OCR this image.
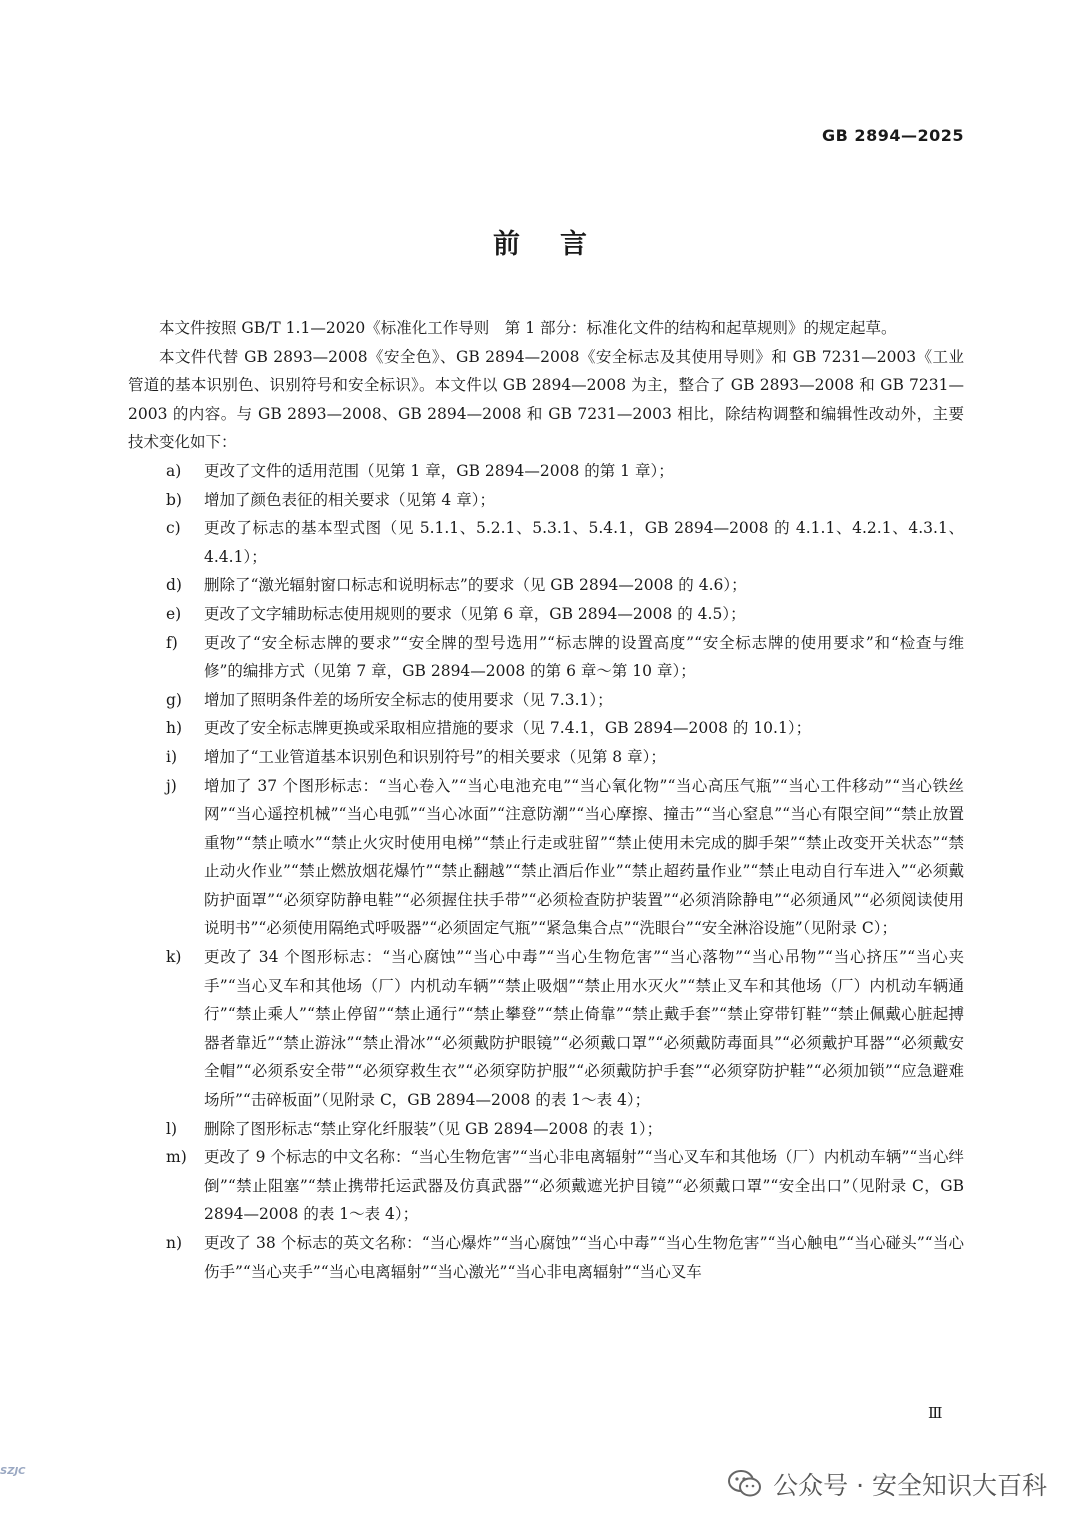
GB 2894—2025
前言

本文件按照 GB/T 1.1—2020《标准化工作导则　第 1 部分：标准化文件的结构和起草规则》的规定起草。

本文件代替 GB 2893—2008《安全色》、GB 2894—2008《安全标志及其使用导则》和 GB 7231—2003《工业管道的基本识别色、识别符号和安全标识》。本文件以 GB 2894—2008 为主，整合了 GB 2893—2008 和 GB 7231—2003 的内容。与 GB 2893—2008、GB 2894—2008 和 GB 7231—2003 相比，除结构调整和编辑性改动外，主要技术变化如下：

a)	更改了文件的适用范围（见第 1 章，GB 2894—2008 的第 1 章）；
b)	增加了颜色表征的相关要求（见第 4 章）；
c)	更改了标志的基本型式图（见 5.1.1、5.2.1、5.3.1、5.4.1，GB 2894—2008 的 4.1.1、4.2.1、4.3.1、4.4.1）；
d)	删除了“激光辐射窗口标志和说明标志”的要求（见 GB 2894—2008 的 4.6）；
e)	更改了文字辅助标志使用规则的要求（见第 6 章，GB 2894—2008 的 4.5）；
f)	更改了“安全标志牌的要求”“安全牌的型号选用”“标志牌的设置高度”“安全标志牌的使用要求”和“检查与维修”的编排方式（见第 7 章，GB 2894—2008 的第 6 章～第 10 章）；
g)	增加了照明条件差的场所安全标志的使用要求（见 7.3.1）；
h)	更改了安全标志牌更换或采取相应措施的要求（见 7.4.1，GB 2894—2008 的 10.1）；
i)	增加了“工业管道基本识别色和识别符号”的相关要求（见第 8 章）；
j)	增加了 37 个图形标志：“当心卷入”“当心电池充电”“当心氧化物”“当心高压气瓶”“当心工件移动”“当心铁丝网”“当心遥控机械”“当心电弧”“当心冰面”“注意防潮”“当心摩擦、撞击”“当心窒息”“当心有限空间”“禁止放置重物”“禁止喷水”“禁止火灾时使用电梯”“禁止行走或驻留”“禁止使用未完成的脚手架”“禁止改变开关状态”“禁止动火作业”“禁止燃放烟花爆竹”“禁止翻越”“禁止酒后作业”“禁止超药量作业”“禁止电动自行车进入”“必须戴防护面罩”“必须穿防静电鞋”“必须握住扶手带”“必须检查防护装置”“必须消除静电”“必须通风”“必须阅读使用说明书”“必须使用隔绝式呼吸器”“必须固定气瓶”“紧急集合点”“洗眼台”“安全淋浴设施”（见附录 C）；
k)	更改了 34 个图形标志：“当心腐蚀”“当心中毒”“当心生物危害”“当心落物”“当心吊物”“当心挤压”“当心夹手”“当心叉车和其他场（厂）内机动车辆”“禁止吸烟”“禁止用水灭火”“禁止叉车和其他场（厂）内机动车辆通行”“禁止乘人”“禁止停留”“禁止通行”“禁止攀登”“禁止倚靠”“禁止戴手套”“禁止穿带钉鞋”“禁止佩戴心脏起搏器者靠近”“禁止游泳”“禁止滑冰”“必须戴防护眼镜”“必须戴口罩”“必须戴防毒面具”“必须戴护耳器”“必须戴安全帽”“必须系安全带”“必须穿救生衣”“必须穿防护服”“必须戴防护手套”“必须穿防护鞋”“必须加锁”“应急避难场所”“击碎板面”（见附录 C，GB 2894—2008 的表 1～表 4）；
l)	删除了图形标志“禁止穿化纤服装”（见 GB 2894—2008 的表 1）；
m)	更改了 9 个标志的中文名称：“当心生物危害”“当心非电离辐射”“当心叉车和其他场（厂）内机动车辆”“当心绊倒”“禁止阻塞”“禁止携带托运武器及仿真武器”“必须戴遮光护目镜”“必须戴口罩”“安全出口”（见附录 C，GB 2894—2008 的表 1～表 4）；
n)	更改了 38 个标志的英文名称：“当心爆炸”“当心腐蚀”“当心中毒”“当心生物危害”“当心触电”“当心碰头”“当心伤手”“当心夹手”“当心电离辐射”“当心激光”“当心非电离辐射”“当心叉车
Ⅲ
SZJC	公众号 · 安全知识大百科
